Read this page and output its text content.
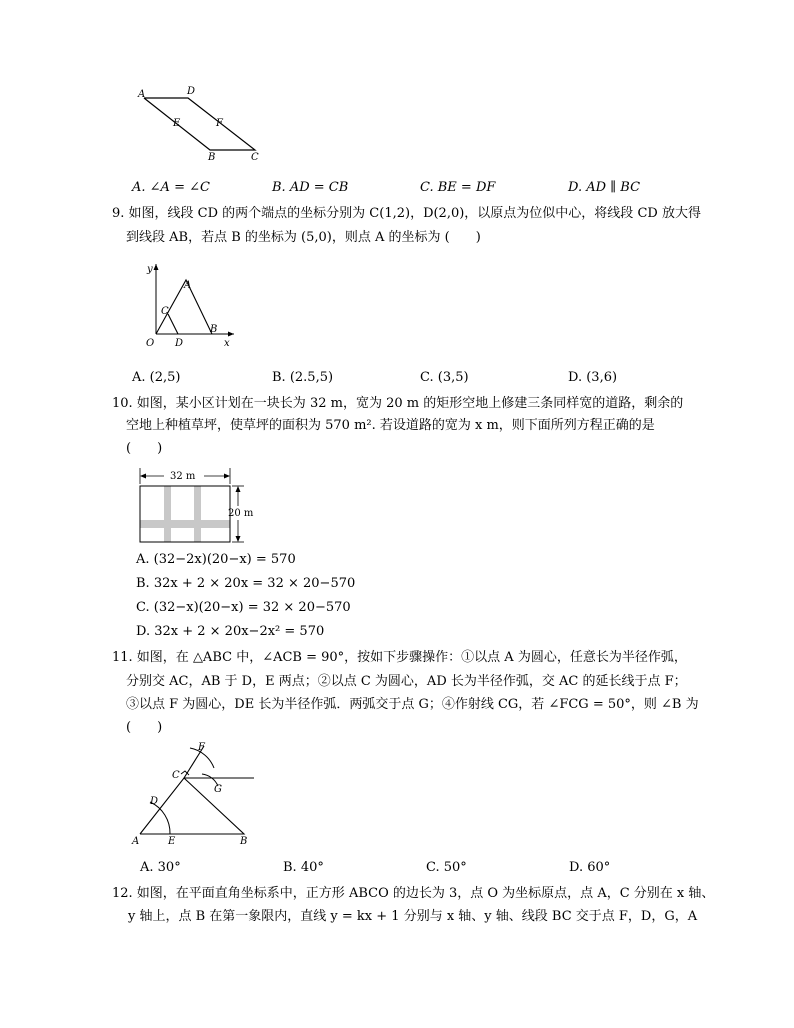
A	D
E	F
B	C
A. ∠A = ∠C	B. AD = CB	C. BE = DF	D. AD ∥ BC
9. 如图，线段 CD 的两个端点的坐标分别为 C(1,2)，D(2,0)，以原点为位似中心，将线段 CD 放大得
到线段 AB，若点 B 的坐标为 (5,0)，则点 A 的坐标为 (　　)
y
x
O
A
C
D
B
A. (2,5)	B. (2.5,5)	C. (3,5)	D. (3,6)
10. 如图，某小区计划在一块长为 32 m，宽为 20 m 的矩形空地上修建三条同样宽的道路，剩余的
空地上种植草坪，使草坪的面积为 570 m². 若设道路的宽为 x m，则下面所列方程正确的是
(　　)
32 m
20 m
A. (32−2x)(20−x) = 570
B. 32x + 2 × 20x = 32 × 20−570
C. (32−x)(20−x) = 32 × 20−570
D. 32x + 2 × 20x−2x² = 570
11. 如图，在 △ABC 中，∠ACB = 90°，按如下步骤操作：①以点 A 为圆心，任意长为半径作弧，
分别交 AC，AB 于 D，E 两点；②以点 C 为圆心，AD 长为半径作弧，交 AC 的延长线于点 F；
③以点 F 为圆心，DE 长为半径作弧．两弧交于点 G；④作射线 CG，若 ∠FCG = 50°，则 ∠B 为
(　　)
F
C
G
D
A	E	B
A. 30°	B. 40°	C. 50°	D. 60°
12. 如图，在平面直角坐标系中，正方形 ABCO 的边长为 3，点 O 为坐标原点，点 A，C 分别在 x 轴、
y 轴上，点 B 在第一象限内，直线 y = kx + 1 分别与 x 轴、y 轴、线段 BC 交于点 F，D，G，A
